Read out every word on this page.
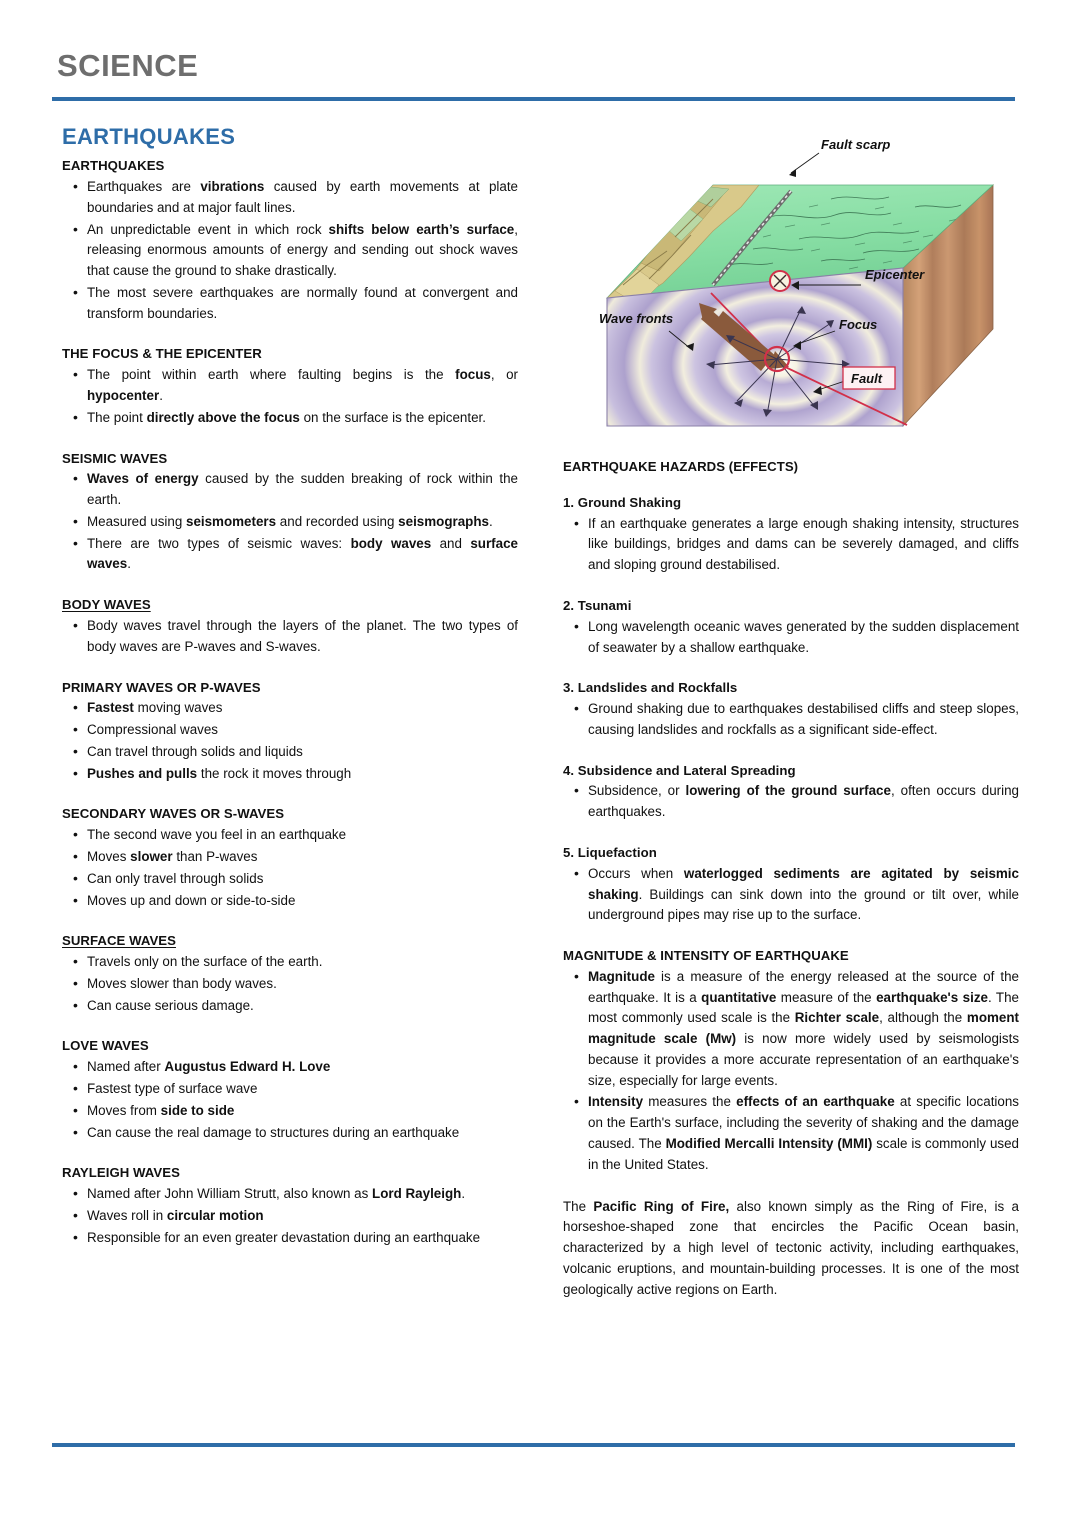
SCIENCE
EARTHQUAKES
EARTHQUAKES
• Earthquakes are vibrations caused by earth movements at plate boundaries and at major fault lines.
• An unpredictable event in which rock shifts below earth’s surface, releasing enormous amounts of energy and sending out shock waves that cause the ground to shake drastically.
• The most severe earthquakes are normally found at convergent and transform boundaries.
THE FOCUS & THE EPICENTER
• The point within earth where faulting begins is the focus, or hypocenter.
• The point directly above the focus on the surface is the epicenter.
SEISMIC WAVES
• Waves of energy caused by the sudden breaking of rock within the earth.
• Measured using seismometers and recorded using seismographs.
• There are two types of seismic waves: body waves and surface waves.
BODY WAVES
• Body waves travel through the layers of the planet. The two types of body waves are P-waves and S-waves.
PRIMARY WAVES OR P-WAVES
• Fastest moving waves
• Compressional waves
• Can travel through solids and liquids
• Pushes and pulls the rock it moves through
SECONDARY WAVES OR S-WAVES
• The second wave you feel in an earthquake
• Moves slower than P-waves
• Can only travel through solids
• Moves up and down or side-to-side
SURFACE WAVES
• Travels only on the surface of the earth.
• Moves slower than body waves.
• Can cause serious damage.
LOVE WAVES
• Named after Augustus Edward H. Love
• Fastest type of surface wave
• Moves from side to side
• Can cause the real damage to structures during an earthquake
RAYLEIGH WAVES
• Named after John William Strutt, also known as Lord Rayleigh.
• Waves roll in circular motion
• Responsible for an even greater devastation during an earthquake
Fault scarp
Epicenter
Wave fronts	Focus
Fault
EARTHQUAKE HAZARDS (EFFECTS)
1. Ground Shaking
• If an earthquake generates a large enough shaking intensity, structures like buildings, bridges and dams can be severely damaged, and cliffs and sloping ground destabilised.
2. Tsunami
• Long wavelength oceanic waves generated by the sudden displacement of seawater by a shallow earthquake.
3. Landslides and Rockfalls
• Ground shaking due to earthquakes destabilised cliffs and steep slopes, causing landslides and rockfalls as a significant side-effect.
4. Subsidence and Lateral Spreading
• Subsidence, or lowering of the ground surface, often occurs during earthquakes.
5. Liquefaction
• Occurs when waterlogged sediments are agitated by seismic shaking. Buildings can sink down into the ground or tilt over, while underground pipes may rise up to the surface.
MAGNITUDE & INTENSITY OF EARTHQUAKE
• Magnitude is a measure of the energy released at the source of the earthquake. It is a quantitative measure of the earthquake's size. The most commonly used scale is the Richter scale, although the moment magnitude scale (Mw) is now more widely used by seismologists because it provides a more accurate representation of an earthquake's size, especially for large events.
• Intensity measures the effects of an earthquake at specific locations on the Earth's surface, including the severity of shaking and the damage caused. The Modified Mercalli Intensity (MMI) scale is commonly used in the United States.

The Pacific Ring of Fire, also known simply as the Ring of Fire, is a horseshoe-shaped zone that encircles the Pacific Ocean basin, characterized by a high level of tectonic activity, including earthquakes, volcanic eruptions, and mountain-building processes. It is one of the most geologically active regions on Earth.
